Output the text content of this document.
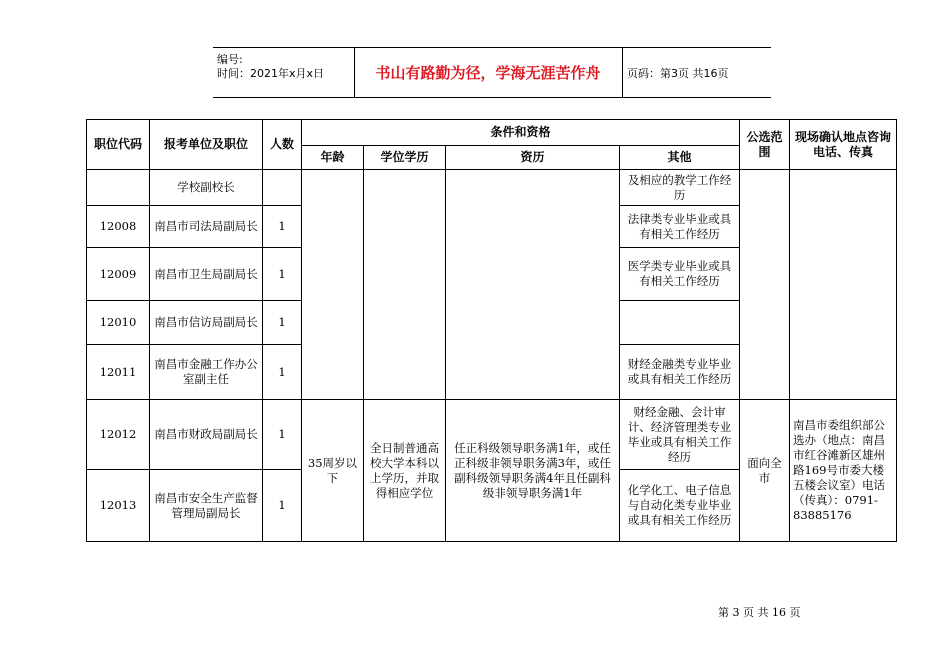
编号:
时间：2021年x月x日	书山有路勤为径，学海无涯苦作舟	页码：第3页 共16页
职位代码	报考单位及职位	人数	条件和资格				公选范围	现场确认地点咨询电话、传真
			年龄	学位学历	资历	其他		
	学校副校长					及相应的教学工作经历		
12008	南昌市司法局副局长	1				法律类专业毕业或具有相关工作经历		
12009	南昌市卫生局副局长	1				医学类专业毕业或具有相关工作经历		
12010	南昌市信访局副局长	1						
12011	南昌市金融工作办公室副主任	1				财经金融类专业毕业或具有相关工作经历		
12012	南昌市财政局副局长	1	35周岁以下	全日制普通高校大学本科以上学历，并取得相应学位	任正科级领导职务满1年，或任正科级非领导职务满3年，或任副科级领导职务满4年且任副科级非领导职务满1年	财经金融、会计审计、经济管理类专业毕业或具有相关工作经历	面向全市	南昌市委组织部公选办（地点：南昌市红谷滩新区雄州路169号市委大楼五楼会议室）电话（传真）：0791-83885176
12013	南昌市安全生产监督管理局副局长	1				化学化工、电子信息与自动化类专业毕业或具有相关工作经历		
第 3 页 共 16 页
